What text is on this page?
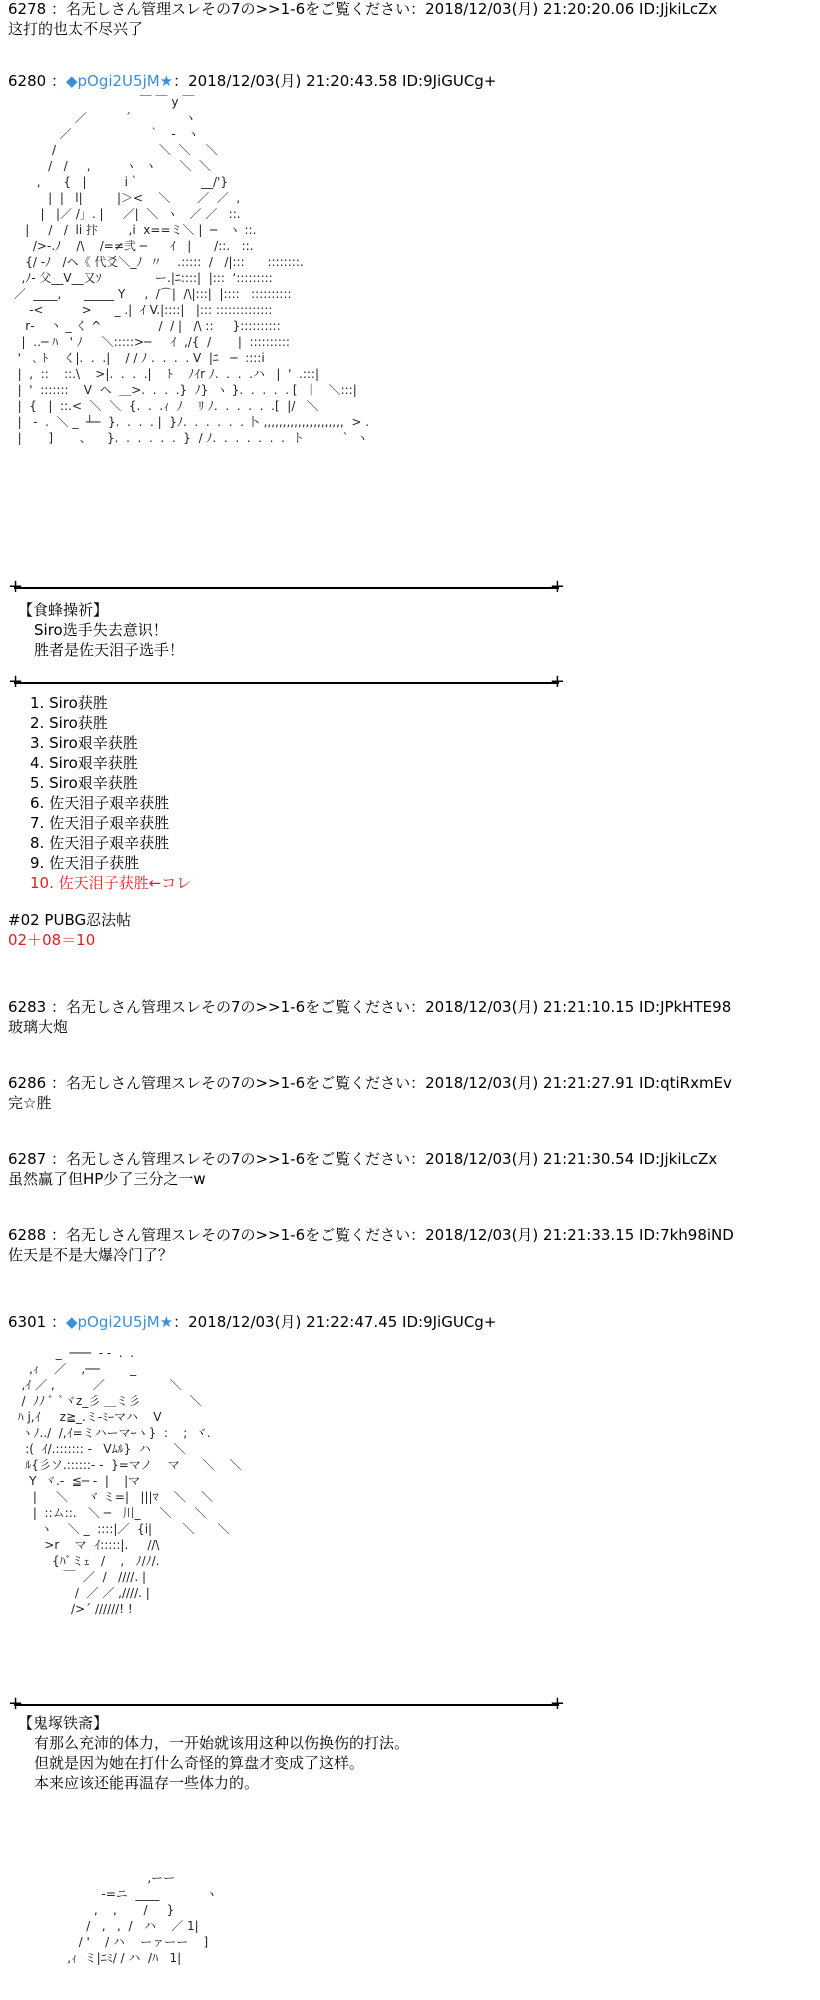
6278 ：名无しさん管理スレその7の>>1-6をご覧ください：2018/12/03(月) 21:20:20.06 ID:JjkiLcZx
这打的也太不尽兴了
6280 ：◆pOgi2U5jM★：2018/12/03(月) 21:20:43.58 ID:9JiGUCg+
￣ ￣ y ￣
／          ´              ヽ
／                    ｀   ‐   ヽ
/                           ＼  ＼    ＼
/   /     ,         ヽ  ヽ      ＼  ＼
,      {   |          i｀                __/'}
|  |   l|         |＞<    ＼       ／  ／  ,
|   |／ /」. |     ／|  ＼  ヽ   ／ ／   ::.
|     /   /  li 抃        ,i  x==ミ＼ |  ─   ヽ ::.
/>-.ﾉ    /\    /=≠弐 ─      ｲ   |      /::.   ::.
{/ ‐ﾉ   /ヘ《 代爻＼_ﾉ  〃    .:::::  /   /|:::      ::::::::.
,ﾉ‐ 父__V__又ｿ              ー.|ﾆ::::|  |:::  ‘:::::::::
／  ____,      _____ Y     ,  /⌒|  /\|:::|  |::::   ::::::::::
‐<          >      _ .|  ｲ V.|::::|   |::: ::::::::::::::
r‐    丶 _ く ^               /  / |   /\ ::     }::::::::::
|  ‥─ ﾊ   ' ﾉ     ＼:::::>─     ｲ  ,/{  /       |  ::::::::::
'   ､ ﾄ    く|.  .  .|    / / ﾉ .  .  .  . V  |ﾆ   ─  ::::i
|  ,  ::    ::.\    >|.  .  .  .|    ﾄ    ﾉｲr ﾉ.  .  .  .ハ   |  '  .:::|
|  '  :::::::    V  ヘ  ＿>.  .  .  .}  ﾉ}  ヽ }.  .  .  .  . [  ｜   ＼:::|
|  {   |  ::.<  ＼  ＼  {.  .  .ｨ  ﾉ    ﾘ ﾉ.  .  .  .  .  .[  |/   ＼
|   ‐  .  ＼ _  ┴─  }.  .  .  . |  }ﾉ.  .  .  .  .  . 卜 ,,,,,,,,,,,,,,,,,,,,,  > .
|       ]       、    }.  .  .  .  .  .  }  / ﾉ.  .  .  .  .  .  .  ト          `  ヽ
+ +
【食蜂操祈】
Siro选手失去意识！
胜者是佐天泪子选手！
+ +
1. Siro获胜
2. Siro获胜
3. Siro艰辛获胜
4. Siro艰辛获胜
5. Siro艰辛获胜
6. 佐天泪子艰辛获胜
7. 佐天泪子艰辛获胜
8. 佐天泪子艰辛获胜
9. 佐天泪子获胜
10. 佐天泪子获胜←コレ
#02 PUBG忍法帖
02＋08＝10
6283 ：名无しさん管理スレその7の>>1-6をご覧ください：2018/12/03(月) 21:21:10.15 ID:JPkHTE98
玻璃大炮
6286 ：名无しさん管理スレその7の>>1-6をご覧ください：2018/12/03(月) 21:21:27.91 ID:qtiRxmEv
完☆胜
6287 ：名无しさん管理スレその7の>>1-6をご覧ください：2018/12/03(月) 21:21:30.54 ID:JjkiLcZx
虽然赢了但HP少了三分之一w
6288 ：名无しさん管理スレその7の>>1-6をご覧ください：2018/12/03(月) 21:21:33.15 ID:7kh98iND
佐天是不是大爆冷门了？
6301 ：◆pOgi2U5jM★：2018/12/03(月) 21:22:47.45 ID:9JiGUCg+
_  ───  ‐ ‐  .  .
,ｨ    ／    ,──        _
,ｲ ／ ,          ／                 ＼
/  ﾉﾉ ﾞ `ヾz_彡 ＿ミ彡             ＼
ﾊ j,ｲ     z≧_.ミ‐ﾐｰマハ    V
ヽﾉ../  /,ｲ=ミハーマｰヽ}  :    ;  ヾ.
:(  ｲ/.::::::: ‐   Vﾑﾙ}  ハ      ＼
ﾙ{彡ソ.::::::‐ ‐  }=マノ    マ      ＼    ＼
Y  ヾ.‐  ≦─ ‐  |    |マ
|     ＼     ヾ ミ=|   |||ﾏ    ＼    ＼
|  ::ム::.   ＼ ─   川_     ＼      ＼
ヽ    ＼ _  ::::|／  {i|        ＼      ＼
>r    マ  ｲ:::::|.     //\
{ﾊﾞミｪ   /    ,   ﾉ/ﾉ/.
￣  ／  /   ////. |
/  ／ ／ ,////. |
/>´ //////! !
+ +
【鬼塚铁斋】
有那么充沛的体力，一开始就该用这种以伤换伤的打法。
但就是因为她在打什么奇怪的算盘才变成了这样。
本来应该还能再温存一些体力的。
,ーー
-=ニ  ____            ヽ
,    ,       /     }
/   ,   ,  /   ハ    ／ 1|
/ '    / ハ    ーァーー    ]
,ｨ  ミ|ﾆﾐ/ / ハ  /ﾊ   1|
